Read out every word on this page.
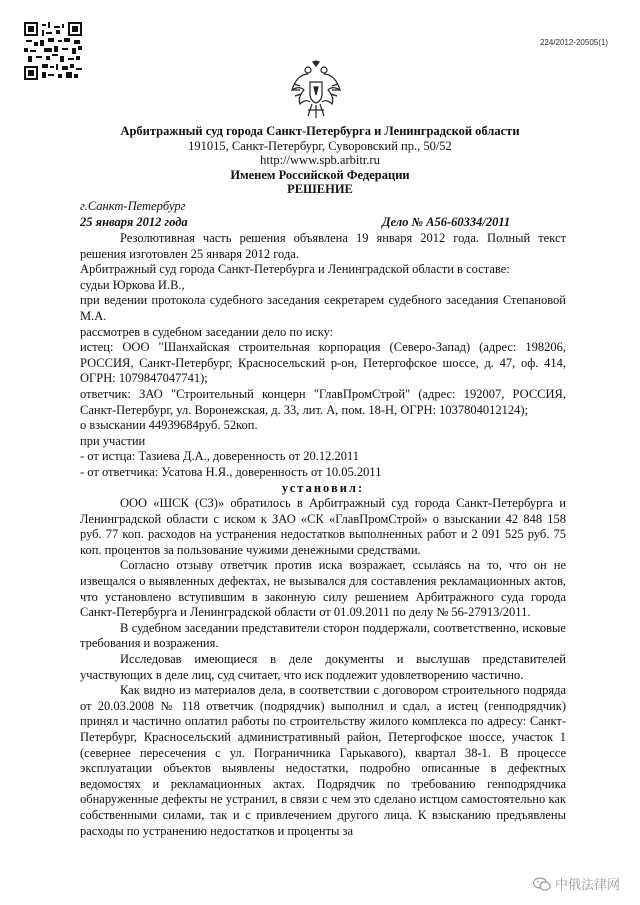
224/2012-20505(1)
Арбитражный суд города Санкт-Петербурга и Ленинградской области
191015, Санкт-Петербург, Суворовский пр., 50/52
http://www.spb.arbitr.ru
Именем Российской Федерации
РЕШЕНИЕ
г.Санкт-Петербург
25 января 2012 года	Дело № А56-60334/2011

Резолютивная часть решения объявлена 19 января 2012 года. Полный текст решения изготовлен 25 января 2012 года.

Арбитражный суд города Санкт-Петербурга и Ленинградской области в составе:

судьи Юркова И.В.,

при ведении протокола судебного заседания секретарем судебного заседания Степановой М.А.

рассмотрев в судебном заседании дело по иску:

истец: ООО "Шанхайская строительная корпорация (Северо-Запад) (адрес: 198206, РОССИЯ, Санкт-Петербург, Красносельский р-он, Петергофское шоссе, д. 47, оф. 414, ОГРН: 1079847047741);

ответчик: ЗАО "Строительный концерн "ГлавПромСтрой" (адрес: 192007, РОССИЯ, Санкт-Петербург, ул. Воронежская, д. 33, лит. А, пом. 18-Н, ОГРН: 1037804012124);

о взыскании 44939684руб. 52коп.

при участии

- от истца: Тазиева Д.А., доверенность от 20.12.2011

- от ответчика: Усатова Н.Я., доверенность от 10.05.2011

установил:

ООО «ШСК (СЗ)» обратилось в Арбитражный суд города Санкт-Петербурга и Ленинградской области с иском к ЗАО «СК «ГлавПромСтрой» о взыскании 42 848 158 руб. 77 коп. расходов на устранения недостатков выполненных работ и 2 091 525 руб. 75 коп. процентов за пользование чужими денежными средствами.

Согласно отзыву ответчик против иска возражает, ссылаясь на то, что он не извещался о выявленных дефектах, не вызывался для составления рекламационных актов, что установлено вступившим в законную силу решением Арбитражного суда города Санкт-Петербурга и Ленинградской области от 01.09.2011 по делу № 56-27913/2011.

В судебном заседании представители сторон поддержали, соответственно, исковые требования и возражения.

Исследовав имеющиеся в деле документы и выслушав представителей участвующих в деле лиц, суд считает, что иск подлежит удовлетворению частично.

Как видно из материалов дела, в соответствии с договором строительного подряда от 20.03.2008 № 118 ответчик (подрядчик) выполнил и сдал, а истец (генподрядчик) принял и частично оплатил работы по строительству жилого комплекса по адресу: Санкт-Петербург, Красносельский административный район, Петергофское шоссе, участок 1 (севернее пересечения с ул. Пограничника Гарькавого), квартал 38-1. В процессе эксплуатации объектов выявлены недостатки, подробно описанные в дефектных ведомостях и рекламационных актах. Подрядчик по требованию генподрядчика обнаруженные дефекты не устранил, в связи с чем это сделано истцом самостоятельно как собственными силами, так и с привлечением другого лица. К взысканию предъявлены расходы по устранению недостатков и проценты за

中俄法律网
